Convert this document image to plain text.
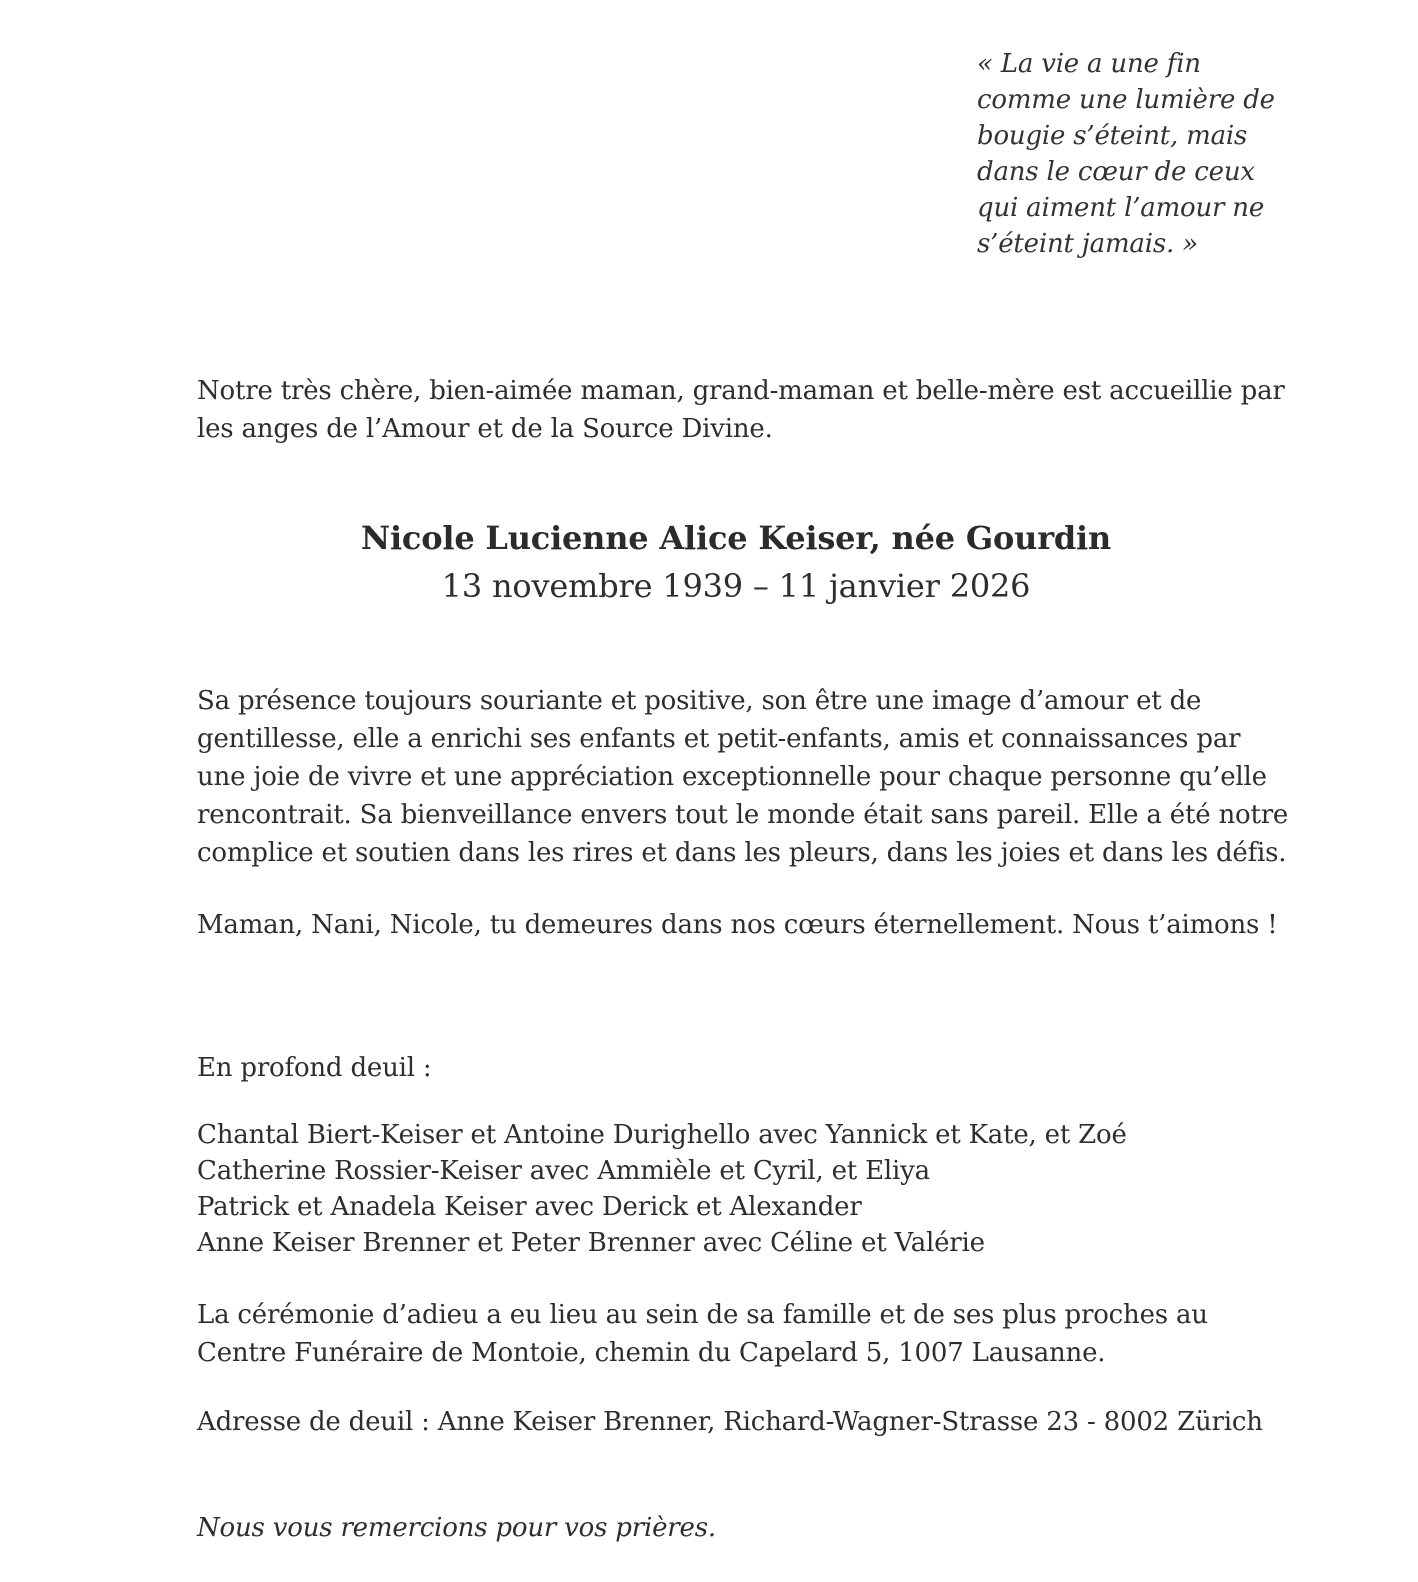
« La vie a une fin
comme une lumière de
bougie s’éteint, mais
dans le cœur de ceux
qui aiment l’amour ne
s’éteint jamais. »
Notre très chère, bien-aimée maman, grand-maman et belle-mère est accueillie par
les anges de l’Amour et de la Source Divine.
Nicole Lucienne Alice Keiser, née Gourdin
13 novembre 1939 – 11 janvier 2026
Sa présence toujours souriante et positive, son être une image d’amour et de
gentillesse, elle a enrichi ses enfants et petit-enfants, amis et connaissances par
une joie de vivre et une appréciation exceptionnelle pour chaque personne qu’elle
rencontrait. Sa bienveillance envers tout le monde était sans pareil. Elle a été notre
complice et soutien dans les rires et dans les pleurs, dans les joies et dans les défis.
Maman, Nani, Nicole, tu demeures dans nos cœurs éternellement. Nous t’aimons !
En profond deuil :
Chantal Biert-Keiser et Antoine Durighello avec Yannick et Kate, et Zoé
Catherine Rossier-Keiser avec Ammièle et Cyril, et Eliya
Patrick et Anadela Keiser avec Derick et Alexander
Anne Keiser Brenner et Peter Brenner avec Céline et Valérie
La cérémonie d’adieu a eu lieu au sein de sa famille et de ses plus proches au
Centre Funéraire de Montoie, chemin du Capelard 5, 1007 Lausanne.
Adresse de deuil : Anne Keiser Brenner, Richard-Wagner-Strasse 23 - 8002 Zürich
Nous vous remercions pour vos prières.
